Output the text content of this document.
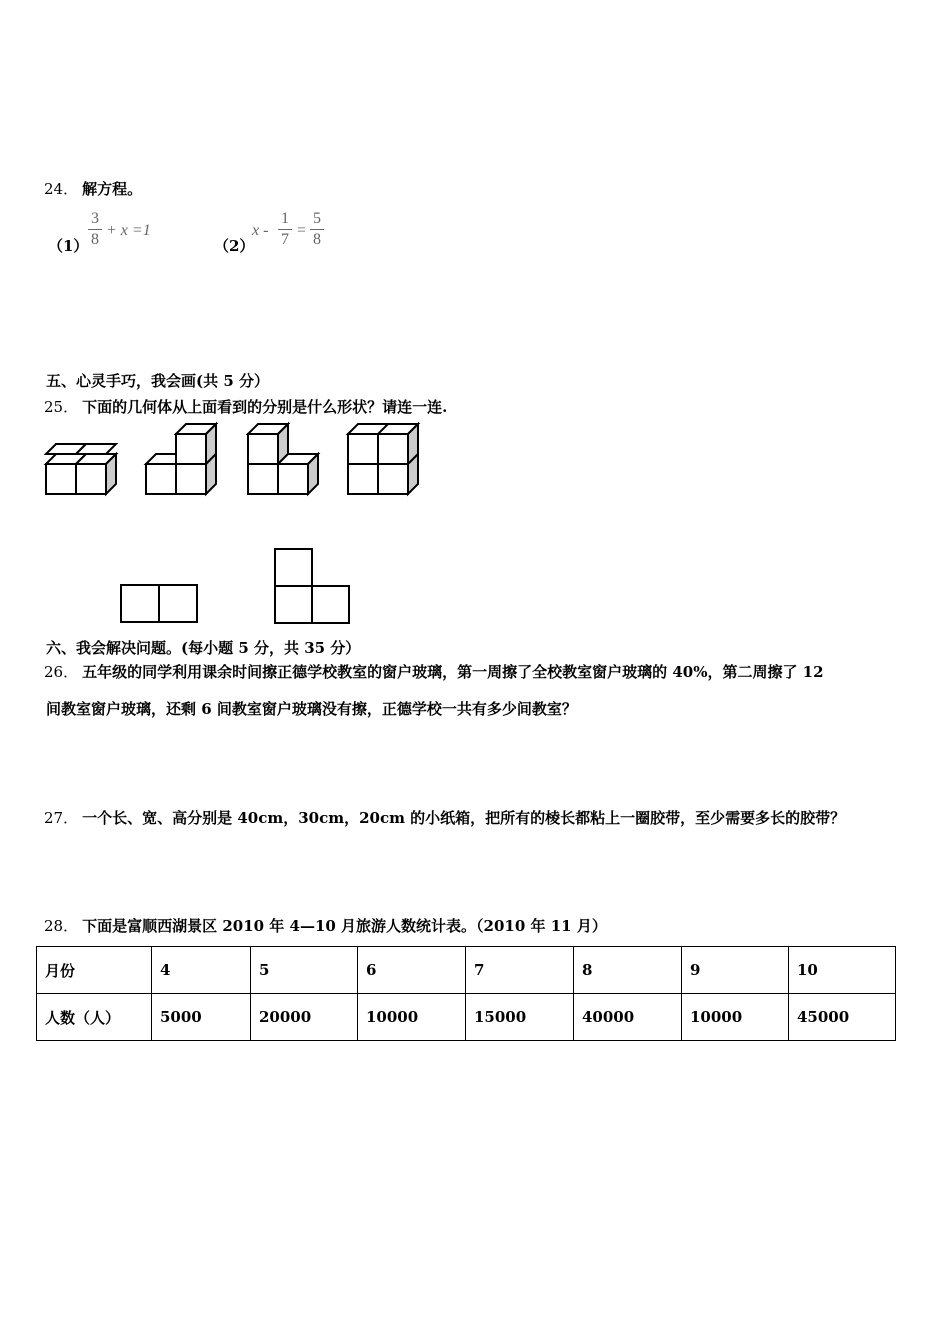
24． 解方程。
（1）
3
8
+ x =1
（2）
x -
1
7
=
5
8
五、心灵手巧，我会画(共 5 分）
25． 下面的几何体从上面看到的分别是什么形状？请连一连.
六、我会解决问题。(每小题 5 分，共 35 分）
26． 五年级的同学利用课余时间擦正德学校教室的窗户玻璃，第一周擦了全校教室窗户玻璃的 40%，第二周擦了 12
间教室窗户玻璃，还剩 6 间教室窗户玻璃没有擦，正德学校一共有多少间教室？
27． 一个长、宽、高分别是 40cm，30cm，20cm 的小纸箱，把所有的棱长都粘上一圈胶带，至少需要多长的胶带？
28． 下面是富顺西湖景区 2010 年 4—10 月旅游人数统计表。（2010 年 11 月）
月份	4	5	6	7	8	9	10
人数（人）	5000	20000	10000	15000	40000	10000	45000
